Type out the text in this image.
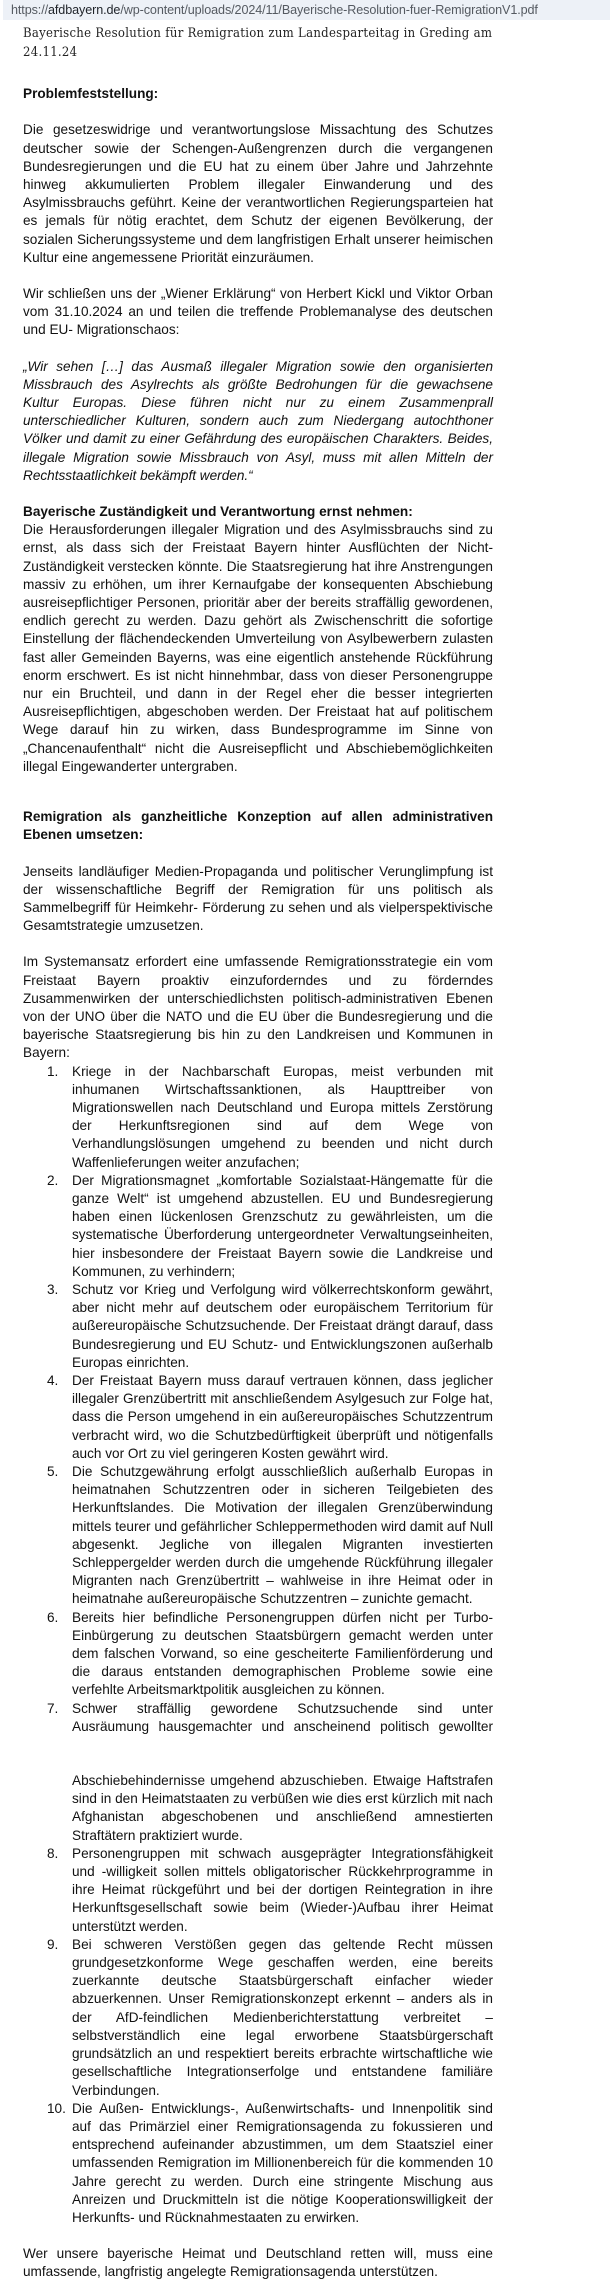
https://afdbayern.de/wp-content/uploads/2024/11/Bayerische-Resolution-fuer-RemigrationV1.pdf
Bayerische Resolution für Remigration zum Landesparteitag in Greding am 24.11.24
Problemfeststellung:

Die gesetzeswidrige und verantwortungslose Missachtung des Schutzes deutscher sowie der Schengen-Außengrenzen durch die vergangenen Bundesregierungen und die EU hat zu einem über Jahre und Jahrzehnte hinweg akkumulierten Problem illegaler Einwanderung und des Asylmissbrauchs geführt. Keine der verantwortlichen Regierungsparteien hat es jemals für nötig erachtet, dem Schutz der eigenen Bevölkerung, der sozialen Sicherungssysteme und dem langfristigen Erhalt unserer heimischen Kultur eine angemessene Priorität einzuräumen.

Wir schließen uns der „Wiener Erklärung“ von Herbert Kickl und Viktor Orban vom 31.10.2024 an und teilen die treffende Problemanalyse des deutschen und EU- Migrationschaos:

„Wir sehen […] das Ausmaß illegaler Migration sowie den organisierten Missbrauch des Asylrechts als größte Bedrohungen für die gewachsene Kultur Europas. Diese führen nicht nur zu einem Zusammenprall unterschiedlicher Kulturen, sondern auch zum Niedergang autochthoner Völker und damit zu einer Gefährdung des europäischen Charakters. Beides, illegale Migration sowie Missbrauch von Asyl, muss mit allen Mitteln der Rechtsstaatlichkeit bekämpft werden.“

Bayerische Zuständigkeit und Verantwortung ernst nehmen:

Die Herausforderungen illegaler Migration und des Asylmissbrauchs sind zu ernst, als dass sich der Freistaat Bayern hinter Ausflüchten der Nicht-Zuständigkeit verstecken könnte. Die Staatsregierung hat ihre Anstrengungen massiv zu erhöhen, um ihrer Kernaufgabe der konsequenten Abschiebung ausreisepflichtiger Personen, prioritär aber der bereits straffällig gewordenen, endlich gerecht zu werden. Dazu gehört als Zwischenschritt die sofortige Einstellung der flächendeckenden Umverteilung von Asylbewerbern zulasten fast aller Gemeinden Bayerns, was eine eigentlich anstehende Rückführung enorm erschwert. Es ist nicht hinnehmbar, dass von dieser Personengruppe nur ein Bruchteil, und dann in der Regel eher die besser integrierten Ausreisepflichtigen, abgeschoben werden. Der Freistaat hat auf politischem Wege darauf hin zu wirken, dass Bundesprogramme im Sinne von „Chancenaufenthalt“ nicht die Ausreisepflicht und Abschiebemöglichkeiten illegal Eingewanderter untergraben.

Remigration als ganzheitliche Konzeption auf allen administrativen Ebenen umsetzen:

Jenseits landläufiger Medien-Propaganda und politischer Verunglimpfung ist der wissenschaftliche Begriff der Remigration für uns politisch als Sammelbegriff für Heimkehr- Förderung zu sehen und als vielperspektivische Gesamtstrategie umzusetzen.

Im Systemansatz erfordert eine umfassende Remigrationsstrategie ein vom Freistaat Bayern proaktiv einzuforderndes und zu förderndes Zusammenwirken der unterschiedlichsten politisch-administrativen Ebenen von der UNO über die NATO und die EU über die Bundesregierung und die bayerische Staatsregierung bis hin zu den Landkreisen und Kommunen in Bayern:

1. Kriege in der Nachbarschaft Europas, meist verbunden mit inhumanen Wirtschaftssanktionen, als Haupttreiber von Migrationswellen nach Deutschland und Europa mittels Zerstörung der Herkunftsregionen sind auf dem Wege von Verhandlungslösungen umgehend zu beenden und nicht durch Waffenlieferungen weiter anzufachen;
2. Der Migrationsmagnet „komfortable Sozialstaat-Hängematte für die ganze Welt“ ist umgehend abzustellen. EU und Bundesregierung haben einen lückenlosen Grenzschutz zu gewährleisten, um die systematische Überforderung untergeordneter Verwaltungseinheiten, hier insbesondere der Freistaat Bayern sowie die Landkreise und Kommunen, zu verhindern;
3. Schutz vor Krieg und Verfolgung wird völkerrechtskonform gewährt, aber nicht mehr auf deutschem oder europäischem Territorium für außereuropäische Schutzsuchende. Der Freistaat drängt darauf, dass Bundesregierung und EU Schutz- und Entwicklungszonen außerhalb Europas einrichten.
4. Der Freistaat Bayern muss darauf vertrauen können, dass jeglicher illegaler Grenzübertritt mit anschließendem Asylgesuch zur Folge hat, dass die Person umgehend in ein außereuropäisches Schutzzentrum verbracht wird, wo die Schutzbedürftigkeit überprüft und nötigenfalls auch vor Ort zu viel geringeren Kosten gewährt wird.
5. Die Schutzgewährung erfolgt ausschließlich außerhalb Europas in heimatnahen Schutzzentren oder in sicheren Teilgebieten des Herkunftslandes. Die Motivation der illegalen Grenzüberwindung mittels teurer und gefährlicher Schleppermethoden wird damit auf Null abgesenkt. Jegliche von illegalen Migranten investierten Schleppergelder werden durch die umgehende Rückführung illegaler Migranten nach Grenzübertritt – wahlweise in ihre Heimat oder in heimatnahe außereuropäische Schutzzentren – zunichte gemacht.
6. Bereits hier befindliche Personengruppen dürfen nicht per Turbo-Einbürgerung zu deutschen Staatsbürgern gemacht werden unter dem falschen Vorwand, so eine gescheiterte Familienförderung und die daraus entstanden demographischen Probleme sowie eine verfehlte Arbeitsmarktpolitik ausgleichen zu können.
7. Schwer straffällig gewordene Schutzsuchende sind unter Ausräumung hausgemachter und anscheinend politisch gewollter

Abschiebehindernisse umgehend abzuschieben. Etwaige Haftstrafen sind in den Heimatstaaten zu verbüßen wie dies erst kürzlich mit nach Afghanistan abgeschobenen und anschließend amnestierten Straftätern praktiziert wurde.

8. Personengruppen mit schwach ausgeprägter Integrationsfähigkeit und -willigkeit sollen mittels obligatorischer Rückkehrprogramme in ihre Heimat rückgeführt und bei der dortigen Reintegration in ihre Herkunftsgesellschaft sowie beim (Wieder-)Aufbau ihrer Heimat unterstützt werden.
9. Bei schweren Verstößen gegen das geltende Recht müssen grundgesetzkonforme Wege geschaffen werden, eine bereits zuerkannte deutsche Staatsbürgerschaft einfacher wieder abzuerkennen. Unser Remigrationskonzept erkennt – anders als in der AfD-feindlichen Medienberichterstattung verbreitet – selbstverständlich eine legal erworbene Staatsbürgerschaft grundsätzlich an und respektiert bereits erbrachte wirtschaftliche wie gesellschaftliche Integrationserfolge und entstandene familiäre Verbindungen.
10. Die Außen- Entwicklungs-, Außenwirtschafts- und Innenpolitik sind auf das Primärziel einer Remigrationsagenda zu fokussieren und entsprechend aufeinander abzustimmen, um dem Staatsziel einer umfassenden Remigration im Millionenbereich für die kommenden 10 Jahre gerecht zu werden. Durch eine stringente Mischung aus Anreizen und Druckmitteln ist die nötige Kooperationswilligkeit der Herkunfts- und Rücknahmestaaten zu erwirken.

Wer unsere bayerische Heimat und Deutschland retten will, muss eine umfassende, langfristig angelegte Remigrationsagenda unterstützen.
